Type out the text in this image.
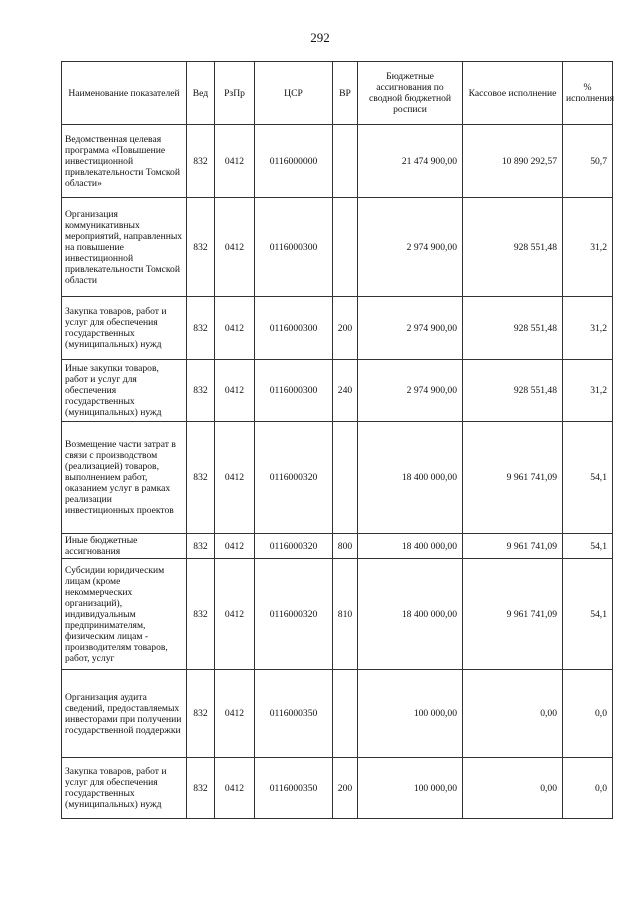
292
Наименование показателей	Вед	РзПр	ЦСР	ВР	Бюджетные ассигнования по сводной бюджетной росписи	Кассовое исполнение	% исполнения
Ведомственная целевая программа «Повышение инвестиционной привлекательности Томской области»	832	0412	0116000000		21 474 900,00	10 890 292,57	50,7
Организация коммуникативных мероприятий, направленных на повышение инвестиционной привлекательности Томской области	832	0412	0116000300		2 974 900,00	928 551,48	31,2
Закупка товаров, работ и услуг для обеспечения государственных (муниципальных) нужд	832	0412	0116000300	200	2 974 900,00	928 551,48	31,2
Иные закупки товаров, работ и услуг для обеспечения государственных (муниципальных) нужд	832	0412	0116000300	240	2 974 900,00	928 551,48	31,2
Возмещение части затрат в связи с производством (реализацией) товаров, выполнением работ, оказанием услуг в рамках реализации инвестиционных проектов	832	0412	0116000320		18 400 000,00	9 961 741,09	54,1
Иные бюджетные ассигнования	832	0412	0116000320	800	18 400 000,00	9 961 741,09	54,1
Субсидии юридическим лицам (кроме некоммерческих организаций), индивидуальным предпринимателям, физическим лицам - производителям товаров, работ, услуг	832	0412	0116000320	810	18 400 000,00	9 961 741,09	54,1
Организация аудита сведений, предоставляемых инвесторами при получении государственной поддержки	832	0412	0116000350		100 000,00	0,00	0,0
Закупка товаров, работ и услуг для обеспечения государственных (муниципальных) нужд	832	0412	0116000350	200	100 000,00	0,00	0,0
